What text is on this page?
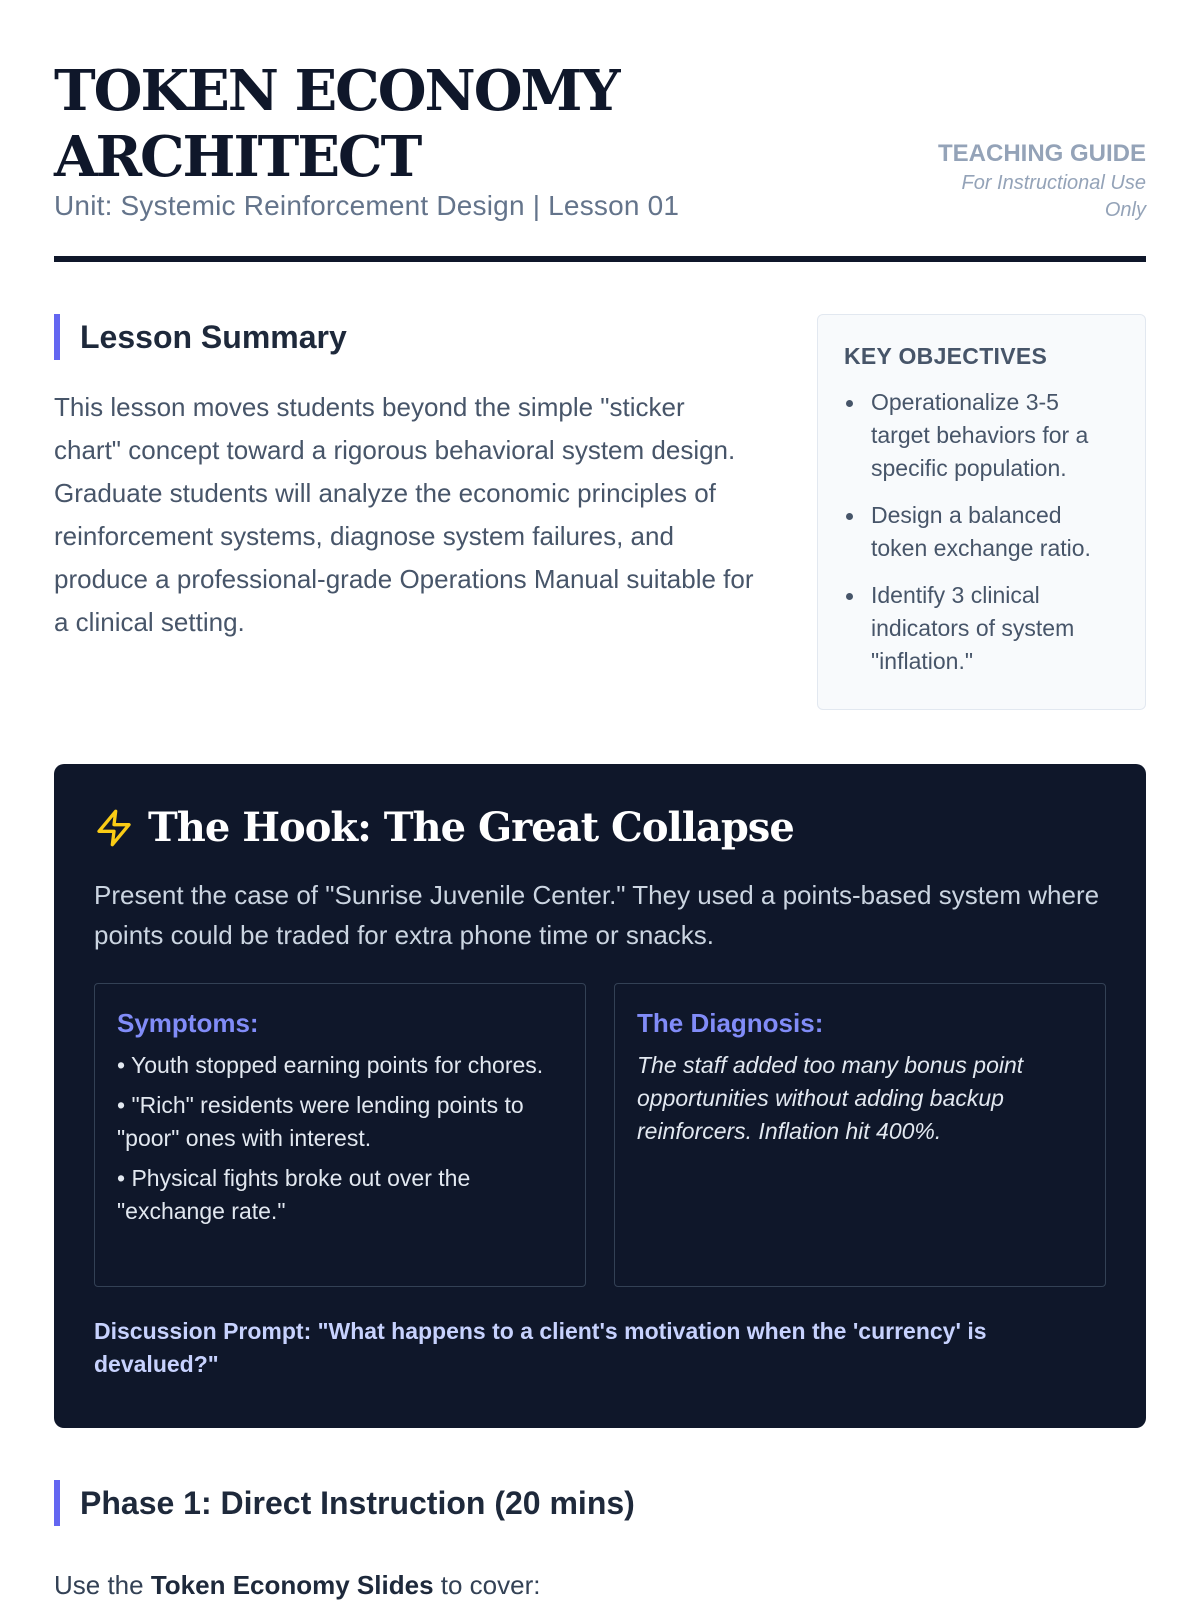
TOKEN ECONOMY ARCHITECT
Unit: Systemic Reinforcement Design | Lesson 01
TEACHING GUIDE
For Instructional Use Only
Lesson Summary

This lesson moves students beyond the simple "sticker chart" concept toward a rigorous behavioral system design. Graduate students will analyze the economic principles of reinforcement systems, diagnose system failures, and produce a professional-grade Operations Manual suitable for a clinical setting.

KEY OBJECTIVES
Operationalize 3-5 target behaviors for a specific population.
Design a balanced token exchange ratio.
Identify 3 clinical indicators of system "inflation."
The Hook: The Great Collapse

Present the case of "Sunrise Juvenile Center." They used a points-based system where points could be traded for extra phone time or snacks.

Symptoms:
• Youth stopped earning points for chores.
• "Rich" residents were lending points to "poor" ones with interest.
• Physical fights broke out over the "exchange rate."
The Diagnosis:

The staff added too many bonus point opportunities without adding backup reinforcers. Inflation hit 400%.

Discussion Prompt: "What happens to a client's motivation when the 'currency' is devalued?"

Phase 1: Direct Instruction (20 mins)

Use the Token Economy Slides to cover:
